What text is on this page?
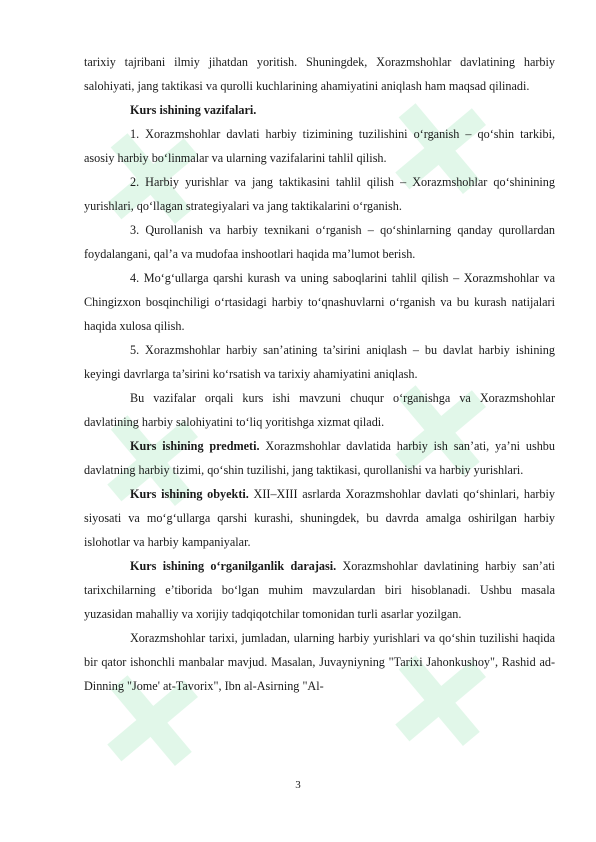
tarixiy tajribani ilmiy jihatdan yoritish. Shuningdek, Xorazmshohlar davlatining harbiy salohiyati, jang taktikasi va qurolli kuchlarining ahamiyatini aniqlash ham maqsad qilinadi.

Kurs ishining vazifalari.

1. Xorazmshohlar davlati harbiy tizimining tuzilishini o‘rganish – qo‘shin tarkibi, asosiy harbiy bo‘linmalar va ularning vazifalarini tahlil qilish.

2. Harbiy yurishlar va jang taktikasini tahlil qilish – Xorazmshohlar qo‘shinining yurishlari, qo‘llagan strategiyalari va jang taktikalarini o‘rganish.

3. Qurollanish va harbiy texnikani o‘rganish – qo‘shinlarning qanday qurollardan foydalangani, qal’a va mudofaa inshootlari haqida ma’lumot berish.

4. Mo‘g‘ullarga qarshi kurash va uning saboqlarini tahlil qilish – Xorazmshohlar va Chingizxon bosqinchiligi o‘rtasidagi harbiy to‘qnashuvlarni o‘rganish va bu kurash natijalari haqida xulosa qilish.

5. Xorazmshohlar harbiy san’atining ta’sirini aniqlash – bu davlat harbiy ishining keyingi davrlarga ta’sirini ko‘rsatish va tarixiy ahamiyatini aniqlash.

Bu vazifalar orqali kurs ishi mavzuni chuqur o‘rganishga va Xorazmshohlar davlatining harbiy salohiyatini to‘liq yoritishga xizmat qiladi.

Kurs ishining predmeti. Xorazmshohlar davlatida harbiy ish san’ati, ya’ni ushbu davlatning harbiy tizimi, qo‘shin tuzilishi, jang taktikasi, qurollanishi va harbiy yurishlari.

Kurs ishining obyekti. XII–XIII asrlarda Xorazmshohlar davlati qo‘shinlari, harbiy siyosati va mo‘g‘ullarga qarshi kurashi, shuningdek, bu davrda amalga oshirilgan harbiy islohotlar va harbiy kampaniyalar.

Kurs ishining o‘rganilganlik darajasi. Xorazmshohlar davlatining harbiy san’ati tarixchilarning e’tiborida bo‘lgan muhim mavzulardan biri hisoblanadi. Ushbu masala yuzasidan mahalliy va xorijiy tadqiqotchilar tomonidan turli asarlar yozilgan.

Xorazmshohlar tarixi, jumladan, ularning harbiy yurishlari va qo‘shin tuzilishi haqida bir qator ishonchli manbalar mavjud. Masalan, Juvayniyning "Tarixi Jahonkushoy", Rashid ad-Dinning "Jome' at-Tavorix", Ibn al-Asirning "Al-

3
